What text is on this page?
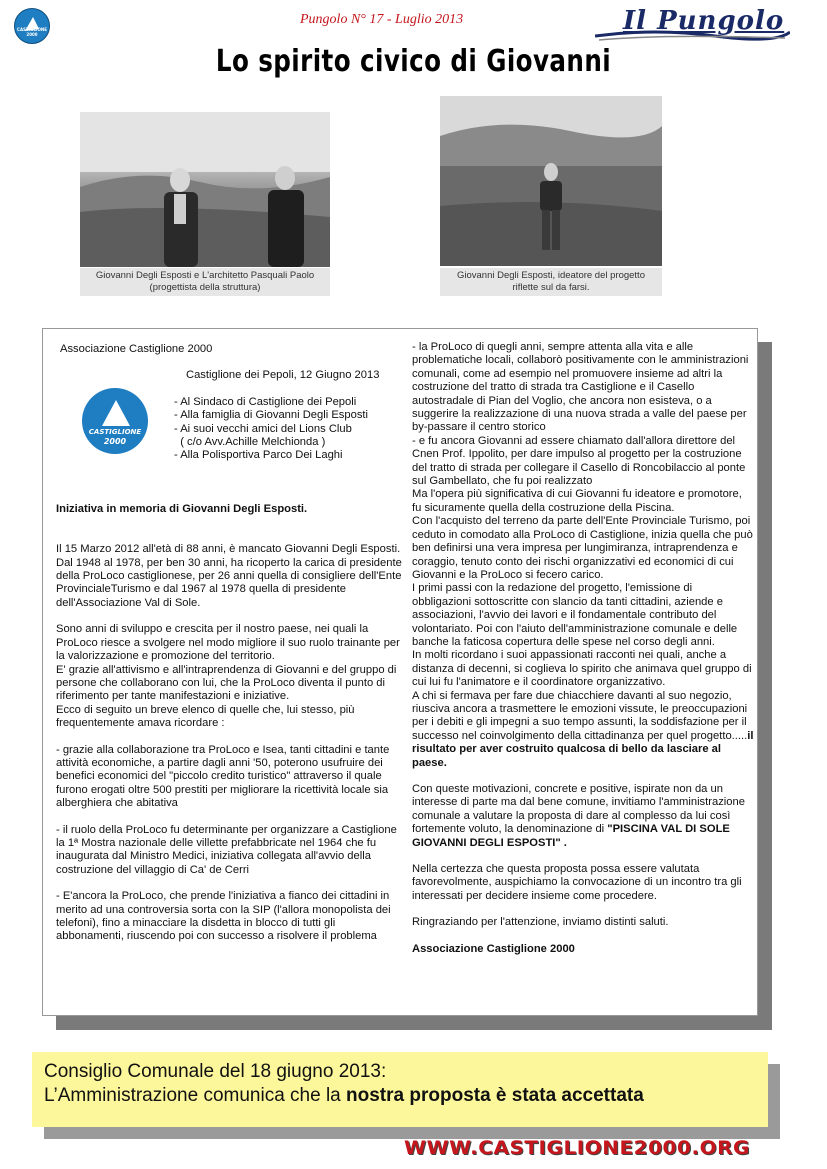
CASTIGLIONE 2000
Pungolo N° 17 - Luglio 2013	Il Pungolo
Lo spirito civico di Giovanni
Giovanni Degli Esposti e L'architetto Pasquali Paolo
(progettista della struttura)
Giovanni Degli Esposti, ideatore del progetto
riflette sul da farsi.

Associazione Castiglione 2000

Castiglione dei Pepoli, 12 Giugno 2013

- Al Sindaco di Castiglione dei Pepoli

- Alla famiglia di Giovanni Degli Esposti

- Ai suoi vecchi amici del Lions Club

( c/o Avv.Achille Melchionda )

- Alla Polisportiva Parco Dei Laghi

Iniziativa in memoria di Giovanni Degli Esposti.

Il 15 Marzo 2012 all'età di 88 anni, è mancato Giovanni Degli Esposti.
Dal 1948 al 1978, per ben 30 anni, ha ricoperto la carica di presidente della ProLoco castiglionese, per 26 anni quella di consigliere dell'Ente ProvincialeTurismo e dal 1967 al 1978 quella di presidente dell'Associazione Val di Sole.

Sono anni di sviluppo e crescita per il nostro paese, nei quali la ProLoco riesce a svolgere nel modo migliore il suo ruolo trainante per la valorizzazione e promozione del territorio.
E' grazie all'attivismo e all'intraprendenza di Giovanni e del gruppo di persone che collaborano con lui, che la ProLoco diventa il punto di riferimento per tante manifestazioni e iniziative.
Ecco di seguito un breve elenco di quelle che, lui stesso, più frequentemente amava ricordare :

- grazie alla collaborazione tra ProLoco e Isea, tanti cittadini e tante attività economiche, a partire dagli anni '50, poterono usufruire dei benefici economici del "piccolo credito turistico" attraverso il quale furono erogati oltre 500 prestiti per migliorare la ricettività locale sia alberghiera che abitativa

- il ruolo della ProLoco fu determinante per organizzare a Castiglione la 1ª Mostra nazionale delle villette prefabbricate nel 1964 che fu inaugurata dal Ministro Medici, iniziativa collegata all'avvio della costruzione del villaggio di Ca' de Cerri

- E'ancora la ProLoco, che prende l'iniziativa a fianco dei cittadini in merito ad una controversia sorta con la SIP (l'allora monopolista dei telefoni), fino a minacciare la disdetta in blocco di tutti gli abbonamenti, riuscendo poi con successo a risolvere il problema

CASTIGLIONE
2000

- la ProLoco di quegli anni, sempre attenta alla vita e alle problematiche locali, collaborò positivamente con le amministrazioni comunali, come ad esempio nel promuovere insieme ad altri la costruzione del tratto di strada tra Castiglione e il Casello autostradale di Pian del Voglio, che ancora non esisteva, o a suggerire la realizzazione di una nuova strada a valle del paese per by-passare il centro storico
- e fu ancora Giovanni ad essere chiamato dall'allora direttore del Cnen Prof. Ippolito, per dare impulso al progetto per la costruzione del tratto di strada per collegare il Casello di Roncobilaccio al ponte sul Gambellato, che fu poi realizzato
Ma l'opera più significativa di cui Giovanni fu ideatore e promotore, fu sicuramente quella della costruzione della Piscina.
Con l'acquisto del terreno da parte dell'Ente Provinciale Turismo, poi ceduto in comodato alla ProLoco di Castiglione, inizia quella che può ben definirsi una vera impresa per lungimiranza, intraprendenza e coraggio, tenuto conto dei rischi organizzativi ed economici di cui Giovanni e la ProLoco si fecero carico.
I primi passi con la redazione del progetto, l'emissione di obbligazioni sottoscritte con slancio da tanti cittadini, aziende e associazioni, l'avvio dei lavori e il fondamentale contributo del volontariato. Poi con l'aiuto dell'amministrazione comunale e delle banche la faticosa copertura delle spese nel corso degli anni.
In molti ricordano i suoi appassionati racconti nei quali, anche a distanza di decenni, si coglieva lo spirito che animava quel gruppo di cui lui fu l'animatore e il coordinatore organizzativo.
A chi si fermava per fare due chiacchiere davanti al suo negozio, riusciva ancora a trasmettere le emozioni vissute, le preoccupazioni per i debiti e gli impegni a suo tempo assunti, la soddisfazione per il successo nel coinvolgimento della cittadinanza per quel progetto.....il risultato per aver costruito qualcosa di bello da lasciare al paese.

Con queste motivazioni, concrete e positive, ispirate non da un interesse di parte ma dal bene comune, invitiamo l'amministrazione comunale a valutare la proposta di dare al complesso da lui così fortemente voluto, la denominazione di "PISCINA VAL DI SOLE GIOVANNI DEGLI ESPOSTI" .

Nella certezza che questa proposta possa essere valutata favorevolmente, auspichiamo la convocazione di un incontro tra gli interessati per decidere insieme come procedere.

Ringraziando per l'attenzione, inviamo distinti saluti.

Associazione Castiglione 2000

Consiglio Comunale del 18 giugno 2013:
L’Amministrazione comunica che la nostra proposta è stata accettata
WWW.CASTIGLIONE2000.ORG
